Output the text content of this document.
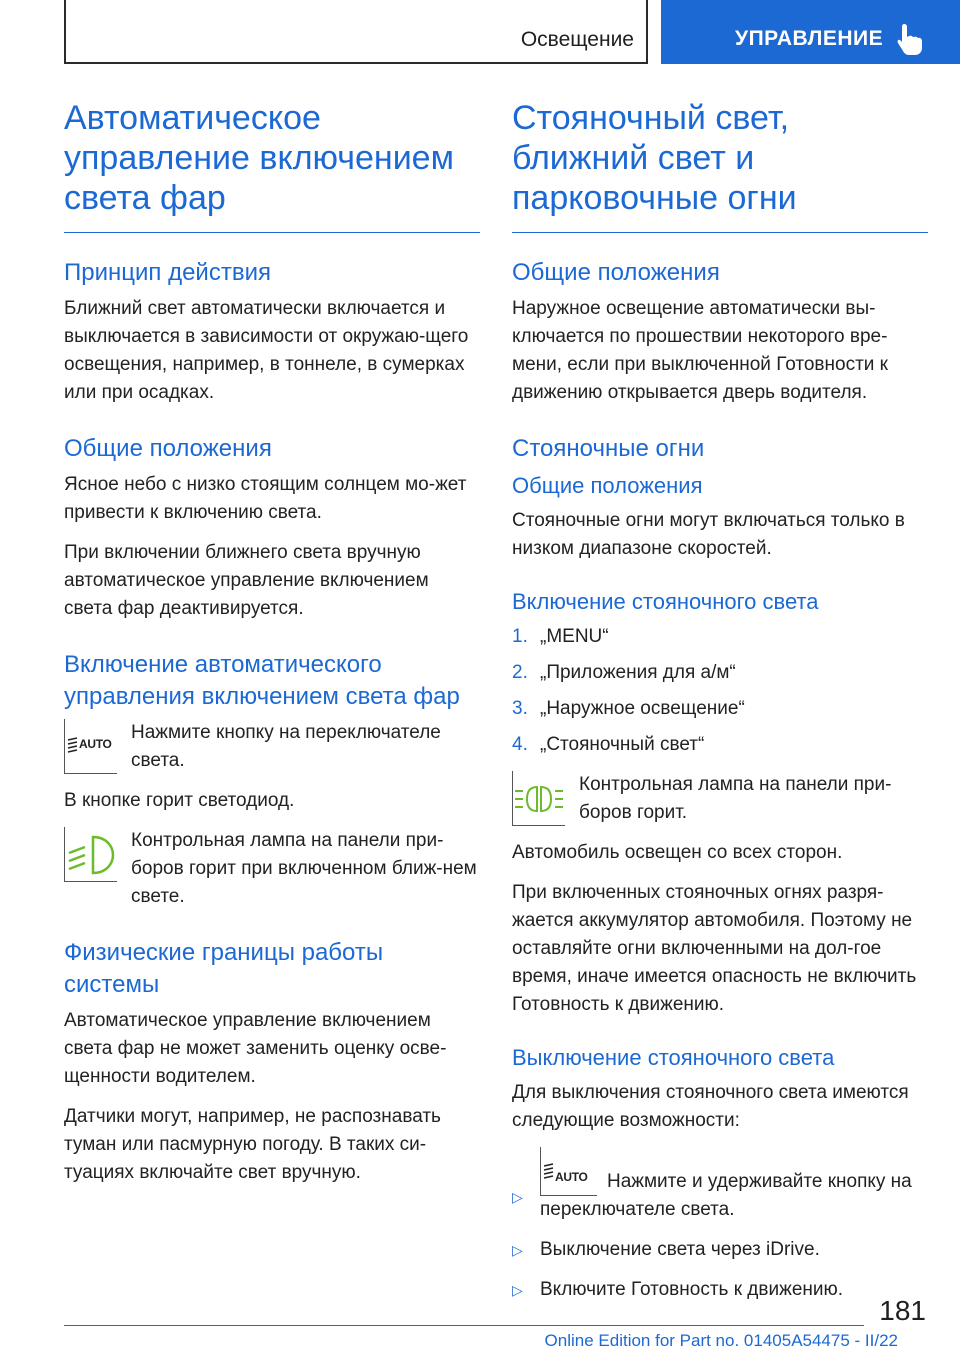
Освещение	УПРАВЛЕНИЕ
Автоматическое управление включением света фар
Принцип действия

Ближний свет автоматически включается и выключается в зависимости от окружаю-щего освещения, например, в тоннеле, в сумерках или при осадках.

Общие положения

Ясное небо с низко стоящим солнцем мо-жет привести к включению света.

При включении ближнего света вручную автоматическое управление включением света фар деактивируется.

Включение автоматического управления включением света фар
AUTO

Нажмите кнопку на переключателе света.

В кнопке горит светодиод.

Контрольная лампа на панели при-боров горит при включенном ближ-нем свете.

Физические границы работы системы

Автоматическое управление включением света фар не может заменить оценку осве-щенности водителем.

Датчики могут, например, не распознавать туман или пасмурную погоду. В таких си-туациях включайте свет вручную.

Стояночный свет, ближний свет и парковочные огни
Общие положения

Наружное освещение автоматически вы-ключается по прошествии некоторого вре-мени, если при выключенной Готовности к движению открывается дверь водителя.

Стояночные огни
Общие положения

Стояночные огни могут включаться только в низком диапазоне скоростей.

Включение стояночного света
1. „MENU“
2. „Приложения для а/м“
3. „Наружное освещение“
4. „Стояночный свет“

Контрольная лампа на панели при-боров горит.

Автомобиль освещен со всех сторон.

При включенных стояночных огнях разря-жается аккумулятор автомобиля. Поэтому не оставляйте огни включенными на дол-гое время, иначе имеется опасность не включить Готовность к движению.

Выключение стояночного света

Для выключения стояночного света имеются следующие возможности:

▷
AUTO Нажмите и удерживайте кнопку на переключателе света.
▷ Выключение света через iDrive.
▷ Включите Готовность к движению.
181
Online Edition for Part no. 01405A54475 - II/22
